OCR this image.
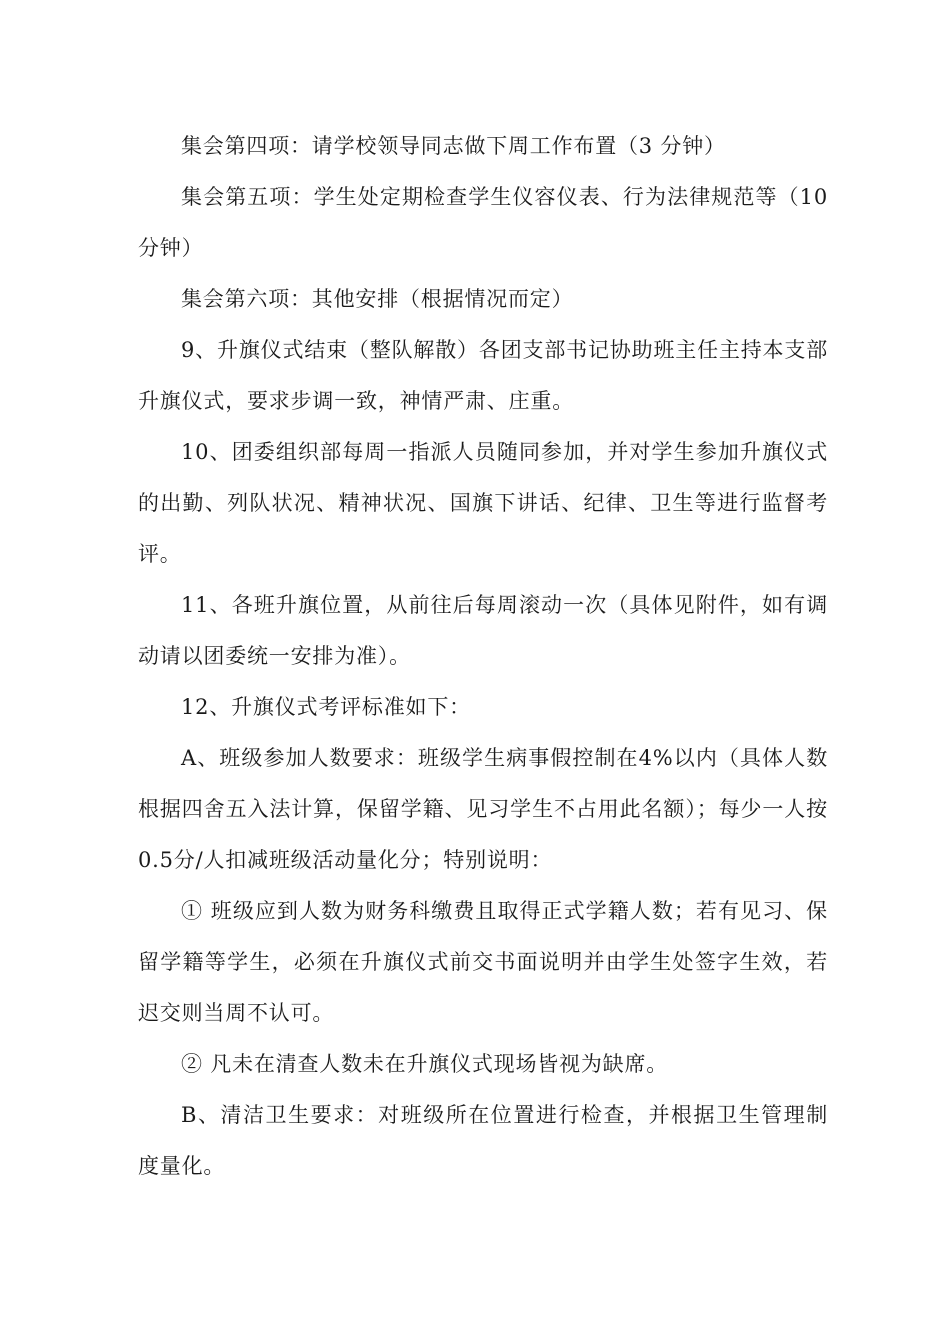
集会第四项：请学校领导同志做下周工作布置（3 分钟）

集会第五项：学生处定期检查学生仪容仪表、行为法律规范等（10分钟）

集会第六项：其他安排（根据情况而定）

9、升旗仪式结束（整队解散）各团支部书记协助班主任主持本支部升旗仪式，要求步调一致，神情严肃、庄重。

10、团委组织部每周一指派人员随同参加，并对学生参加升旗仪式的出勤、列队状况、精神状况、国旗下讲话、纪律、卫生等进行监督考评。

11、各班升旗位置，从前往后每周滚动一次（具体见附件，如有调动请以团委统一安排为准）。

12、升旗仪式考评标准如下：

A、班级参加人数要求：班级学生病事假控制在4%以内（具体人数根据四舍五入法计算，保留学籍、见习学生不占用此名额）；每少一人按0.5分/人扣减班级活动量化分；特别说明：

① 班级应到人数为财务科缴费且取得正式学籍人数；若有见习、保留学籍等学生，必须在升旗仪式前交书面说明并由学生处签字生效，若迟交则当周不认可。

② 凡未在清查人数未在升旗仪式现场皆视为缺席。

B、清洁卫生要求：对班级所在位置进行检查，并根据卫生管理制度量化。
